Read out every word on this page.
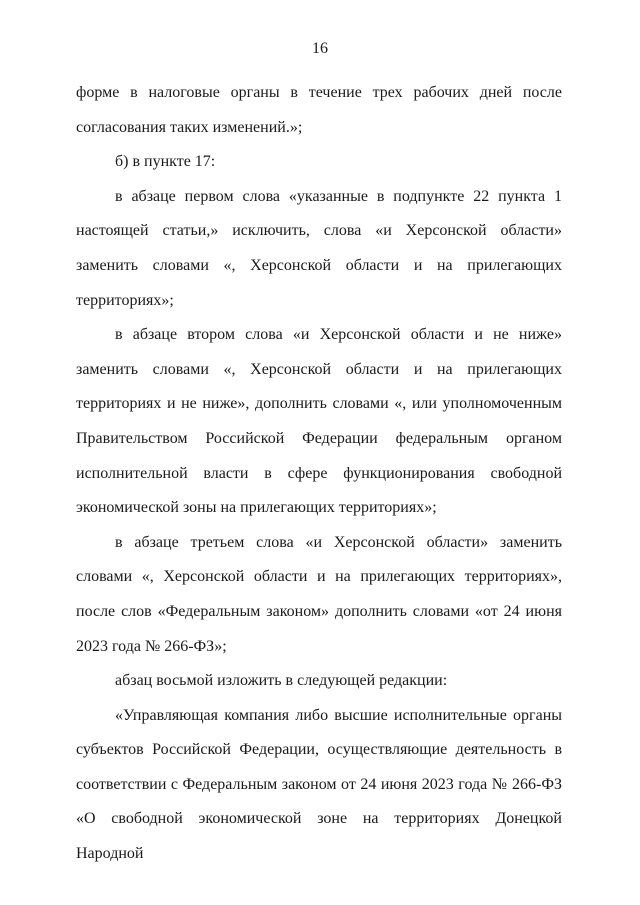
16

форме в налоговые органы в течение трех рабочих дней после согласования таких изменений.»;

б) в пункте 17:

в абзаце первом слова «указанные в подпункте 22 пункта 1 настоящей статьи,» исключить, слова «и Херсонской области» заменить словами «, Херсонской области и на прилегающих территориях»;

в абзаце втором слова «и Херсонской области и не ниже» заменить словами «, Херсонской области и на прилегающих территориях и не ниже», дополнить словами «, или уполномоченным Правительством Российской Федерации федеральным органом исполнительной власти в сфере функционирования свободной экономической зоны на прилегающих территориях»;

в абзаце третьем слова «и Херсонской области» заменить словами «, Херсонской области и на прилегающих территориях», после слов «Федеральным законом» дополнить словами «от 24 июня 2023 года № 266-ФЗ»;

абзац восьмой изложить в следующей редакции:

«Управляющая компания либо высшие исполнительные органы субъектов Российской Федерации, осуществляющие деятельность в соответствии с Федеральным законом от 24 июня 2023 года № 266-ФЗ «О свободной экономической зоне на территориях Донецкой Народной
